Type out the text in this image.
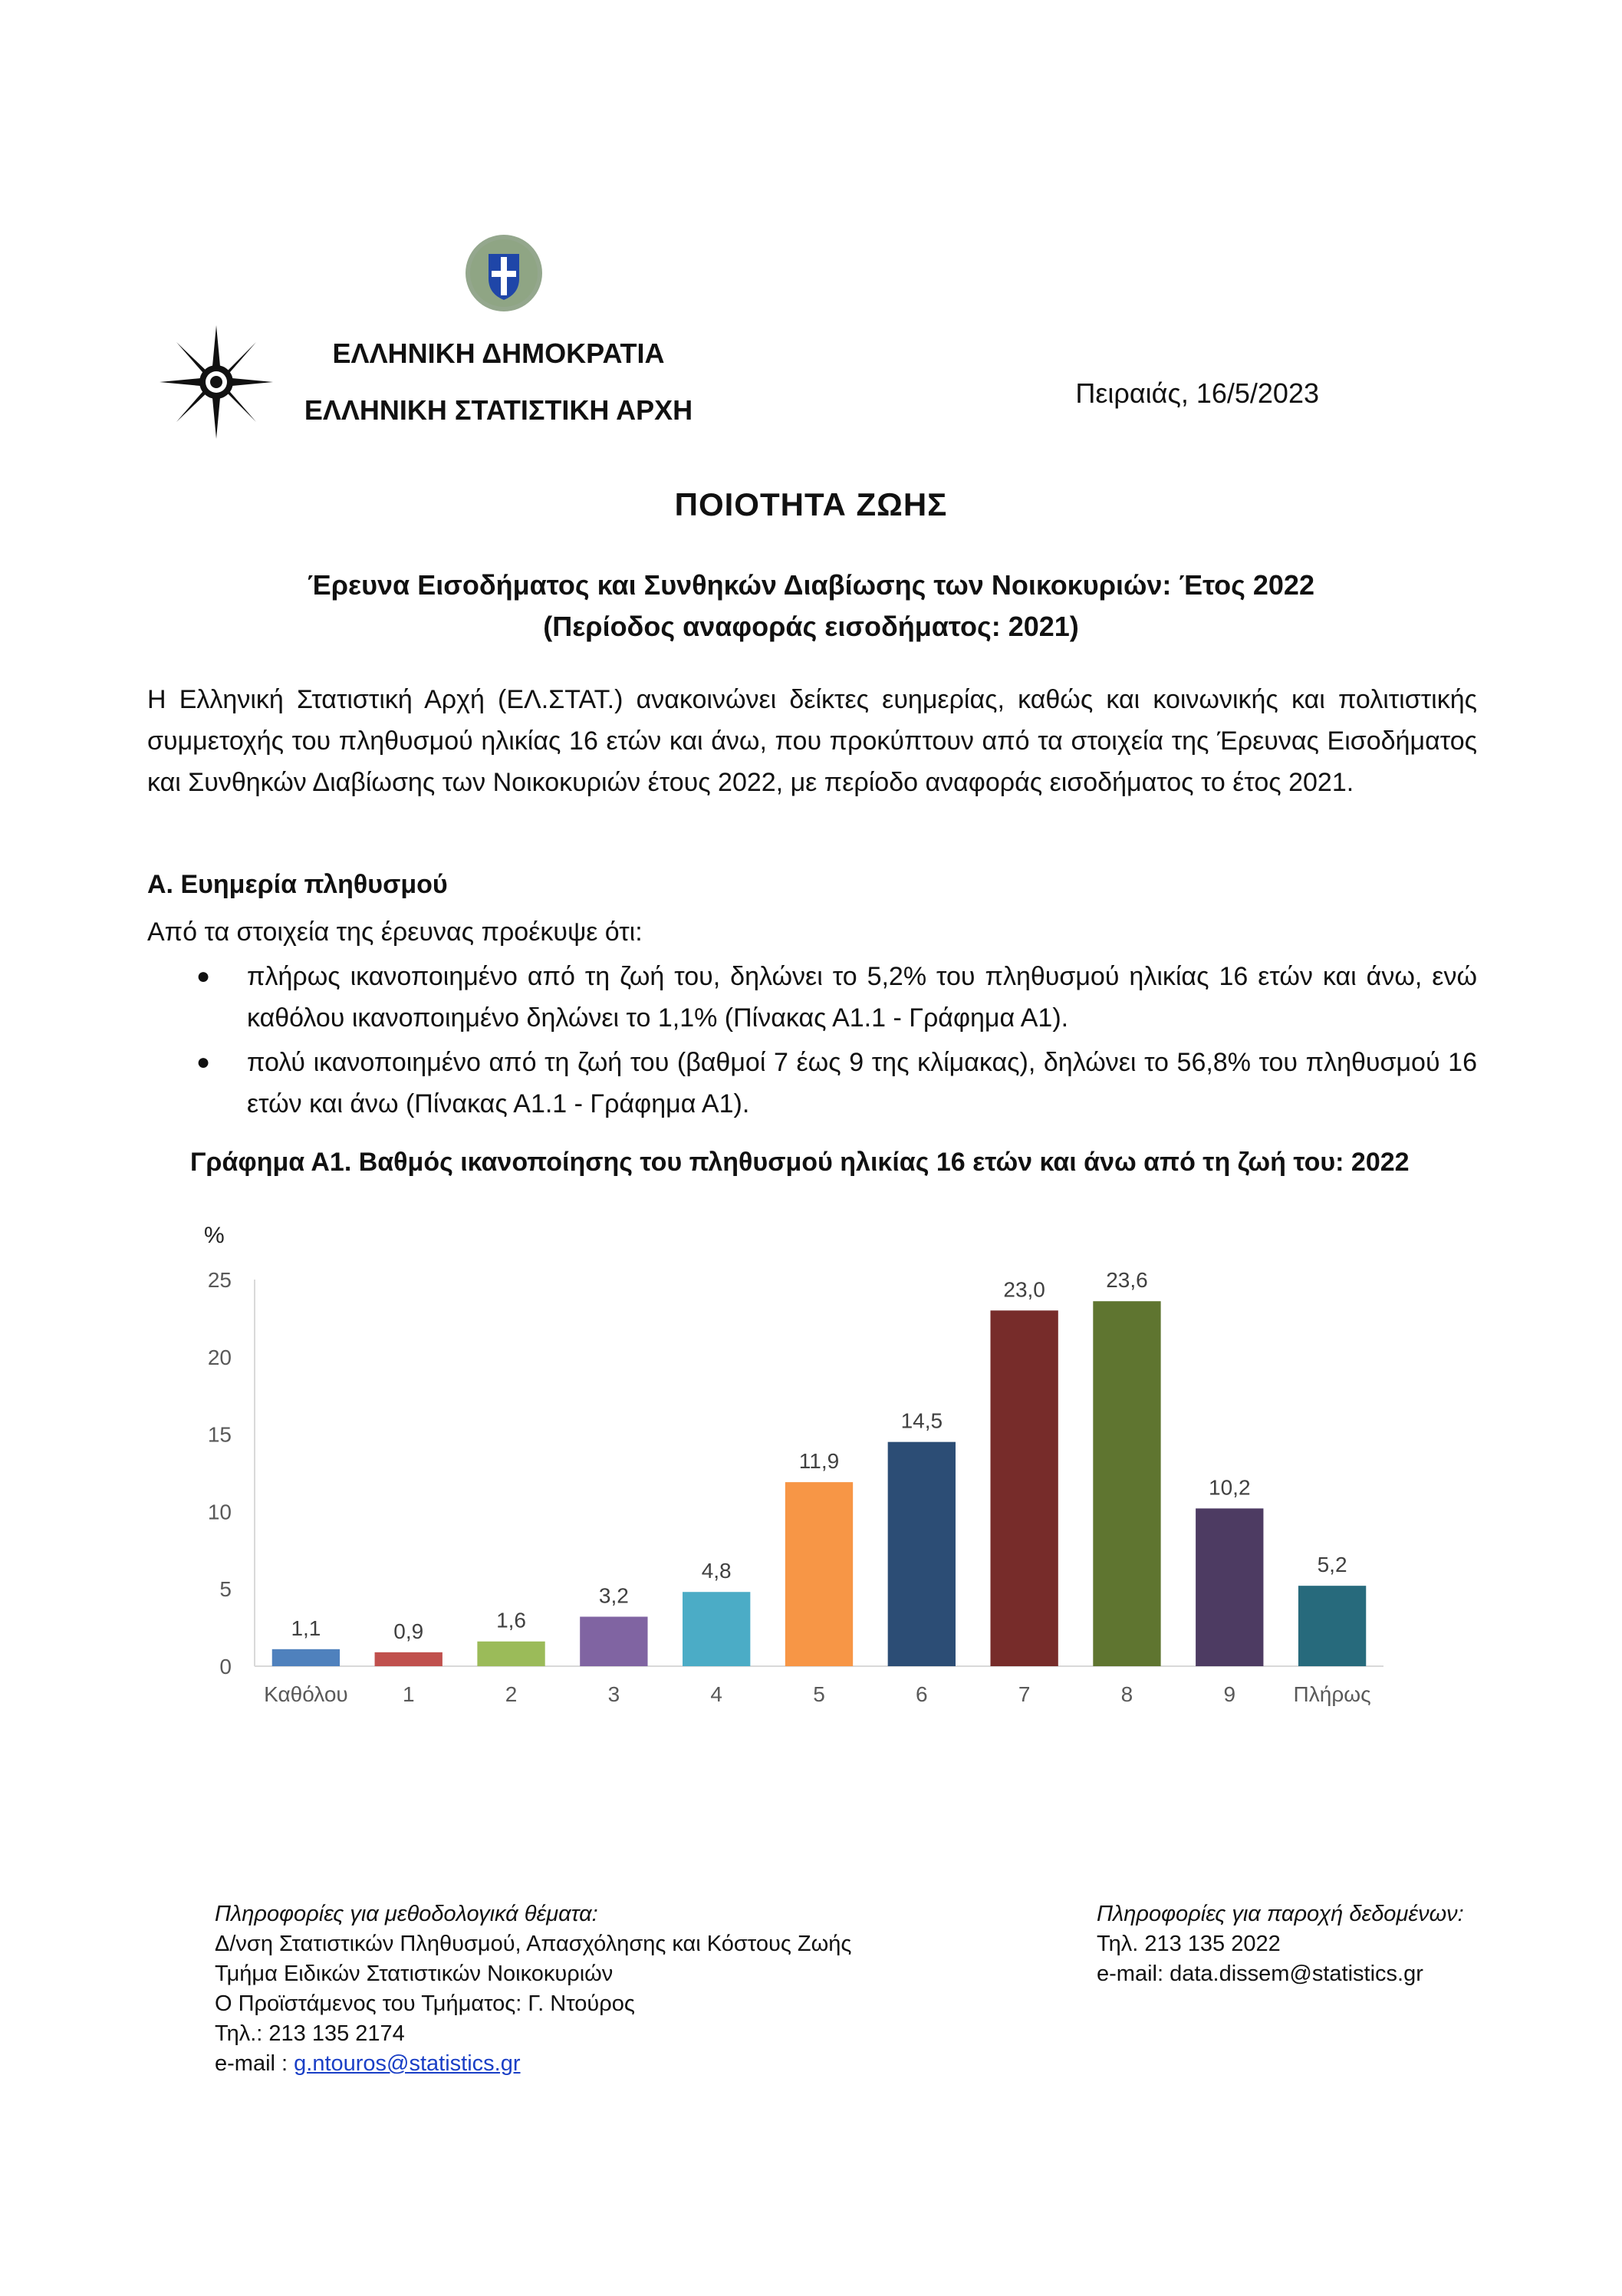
ΕΛΛΗΝΙΚΗ ΔΗΜΟΚΡΑΤΙΑ
ΕΛΛΗΝΙΚΗ ΣΤΑΤΙΣΤΙΚΗ ΑΡΧΗ
Πειραιάς, 16/5/2023
ΠΟΙΟΤΗΤΑ ΖΩΗΣ
Έρευνα Εισοδήματος και Συνθηκών Διαβίωσης των Νοικοκυριών: Έτος 2022
(Περίοδος αναφοράς εισοδήματος: 2021)
Η Ελληνική Στατιστική Αρχή (ΕΛ.ΣΤΑΤ.) ανακοινώνει δείκτες ευημερίας, καθώς και κοινωνικής και πολιτιστικής συμμετοχής του πληθυσμού ηλικίας 16 ετών και άνω, που προκύπτουν από τα στοιχεία της Έρευνας Εισοδήματος και Συνθηκών Διαβίωσης των Νοικοκυριών έτους 2022, με περίοδο αναφοράς εισοδήματος το έτος 2021.
Α. Ευημερία πληθυσμού
Από τα στοιχεία της έρευνας προέκυψε ότι:
● πλήρως ικανοποιημένο από τη ζωή του, δηλώνει το 5,2% του πληθυσμού ηλικίας 16 ετών και άνω, ενώ καθόλου ικανοποιημένο δηλώνει το 1,1% (Πίνακας Α1.1 - Γράφημα Α1).
● πολύ ικανοποιημένο από τη ζωή του (βαθμοί 7 έως 9 της κλίμακας), δηλώνει το 56,8% του πληθυσμού 16 ετών και άνω (Πίνακας Α1.1 - Γράφημα Α1).
Γράφημα Α1. Βαθμός ικανοποίησης του πληθυσμού ηλικίας 16 ετών και άνω από τη ζωή του: 2022
%
0
5
10
15
20
25
1,1
Καθόλου
0,9
1
1,6
2
3,2
3
4,8
4
11,9
5
14,5
6
23,0
7
23,6
8
10,2
9
5,2
Πλήρως
Πληροφορίες για μεθοδολογικά θέματα:
Δ/νση Στατιστικών Πληθυσμού, Απασχόλησης και Κόστους Ζωής
Τμήμα Ειδικών Στατιστικών Νοικοκυριών
Ο Προϊστάμενος του Τμήματος: Γ. Ντούρος
Τηλ.: 213 135 2174
e-mail : g.ntouros@statistics.gr
Πληροφορίες για παροχή δεδομένων:
Τηλ. 213 135 2022
e-mail: data.dissem@statistics.gr
